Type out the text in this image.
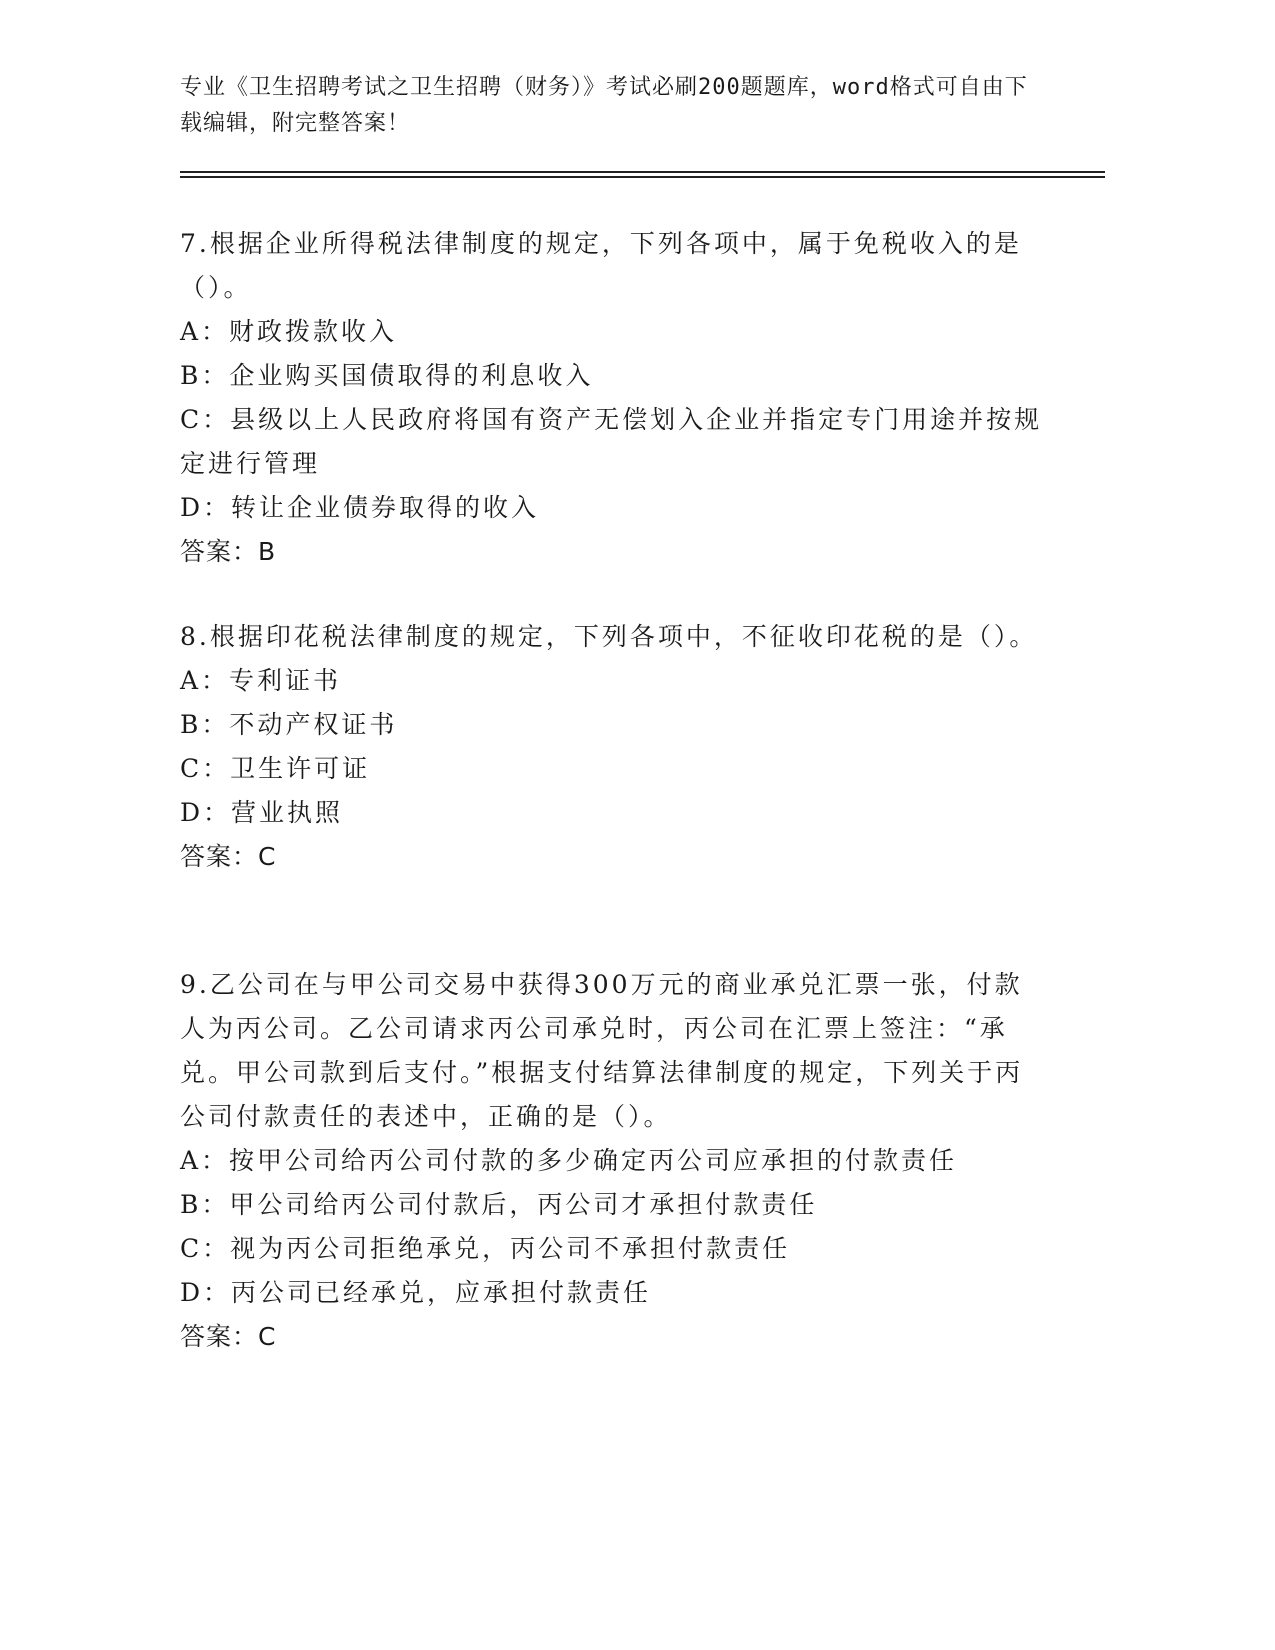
专业《卫生招聘考试之卫生招聘（财务）》考试必刷200题题库，word格式可自由下载编辑，附完整答案！
7.根据企业所得税法律制度的规定，下列各项中，属于免税收入的是（）。
A：财政拨款收入
B：企业购买国债取得的利息收入
C：县级以上人民政府将国有资产无偿划入企业并指定专门用途并按规定进行管理
D：转让企业债券取得的收入
答案：B
8.根据印花税法律制度的规定，下列各项中，不征收印花税的是（）。
A：专利证书
B：不动产权证书
C：卫生许可证
D：营业执照
答案：C
9.乙公司在与甲公司交易中获得300万元的商业承兑汇票一张，付款人为丙公司。乙公司请求丙公司承兑时，丙公司在汇票上签注：“承兑。甲公司款到后支付。”根据支付结算法律制度的规定，下列关于丙公司付款责任的表述中，正确的是（）。
A：按甲公司给丙公司付款的多少确定丙公司应承担的付款责任
B：甲公司给丙公司付款后，丙公司才承担付款责任
C：视为丙公司拒绝承兑，丙公司不承担付款责任
D：丙公司已经承兑，应承担付款责任
答案：C
